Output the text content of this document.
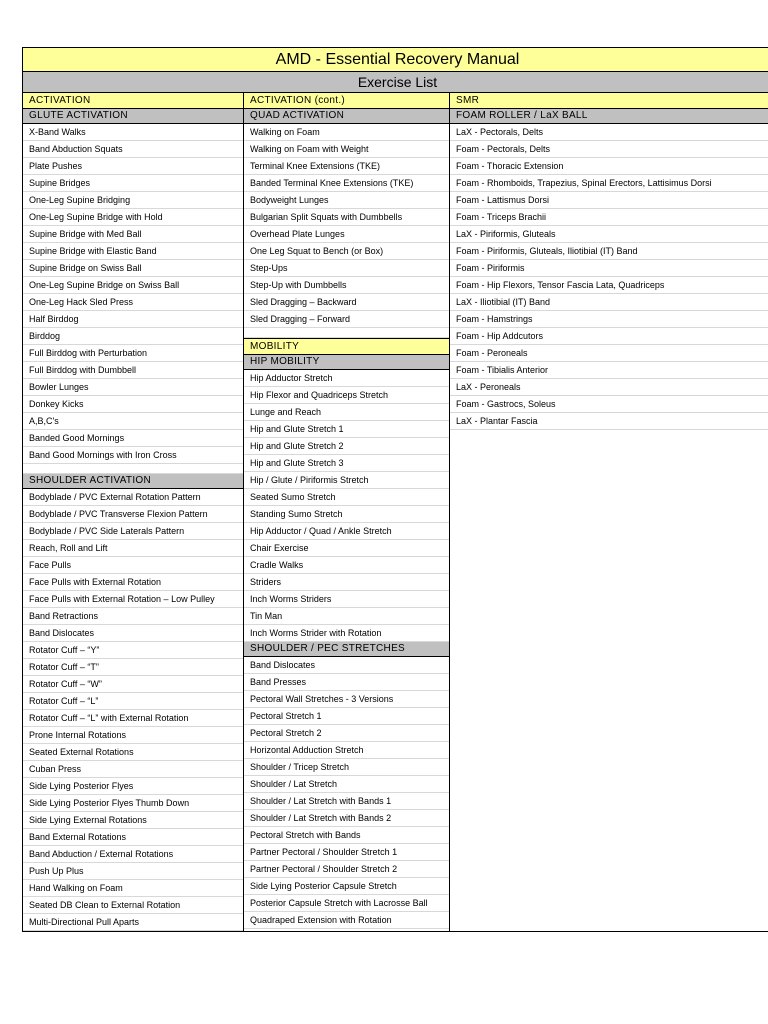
AMD - Essential Recovery Manual
Exercise List
ACTIVATION
GLUTE ACTIVATION
X-Band Walks
Band Abduction Squats
Plate Pushes
Supine Bridges
One-Leg Supine Bridging
One-Leg Supine Bridge with Hold
Supine Bridge with Med Ball
Supine Bridge with Elastic Band
Supine Bridge on Swiss Ball
One-Leg Supine Bridge on Swiss Ball
One-Leg Hack Sled Press
Half Birddog
Birddog
Full Birddog with Perturbation
Full Birddog with Dumbbell
Bowler Lunges
Donkey Kicks
A,B,C's
Banded Good Mornings
Band Good Mornings with Iron Cross
SHOULDER ACTIVATION
Bodyblade / PVC External Rotation Pattern
Bodyblade / PVC Transverse Flexion Pattern
Bodyblade / PVC Side Laterals Pattern
Reach, Roll and Lift
Face Pulls
Face Pulls with External Rotation
Face Pulls with External Rotation – Low Pulley
Band Retractions
Band Dislocates
Rotator Cuff – “Y”
Rotator Cuff – “T”
Rotator Cuff – “W”
Rotator Cuff – “L”
Rotator Cuff – “L” with External Rotation
Prone Internal Rotations
Seated External Rotations
Cuban Press
Side Lying Posterior Flyes
Side Lying Posterior Flyes Thumb Down
Side Lying External Rotations
Band External Rotations
Band Abduction / External Rotations
Push Up Plus
Hand Walking on Foam
Seated DB Clean to External Rotation
Multi-Directional Pull Aparts
ACTIVATION (cont.)
QUAD ACTIVATION
Walking on Foam
Walking on Foam with Weight
Terminal Knee Extensions (TKE)
Banded Terminal Knee Extensions (TKE)
Bodyweight Lunges
Bulgarian Split Squats with Dumbbells
Overhead Plate Lunges
One Leg Squat to Bench (or Box)
Step-Ups
Step-Up with Dumbbells
Sled Dragging – Backward
Sled Dragging – Forward
MOBILITY
HIP MOBILITY
Hip Adductor Stretch
Hip Flexor and Quadriceps Stretch
Lunge and Reach
Hip and Glute Stretch 1
Hip and Glute Stretch 2
Hip and Glute Stretch 3
Hip / Glute / Piriformis Stretch
Seated Sumo Stretch
Standing Sumo Stretch
Hip Adductor / Quad / Ankle Stretch
Chair Exercise
Cradle Walks
Striders
Inch Worms Striders
Tin Man
Inch Worms Strider with Rotation
SHOULDER / PEC STRETCHES
Band Dislocates
Band Presses
Pectoral Wall Stretches - 3 Versions
Pectoral Stretch 1
Pectoral Stretch 2
Horizontal Adduction Stretch
Shoulder / Tricep Stretch
Shoulder / Lat Stretch
Shoulder / Lat Stretch with Bands 1
Shoulder / Lat Stretch with Bands 2
Pectoral Stretch with Bands
Partner Pectoral / Shoulder Stretch 1
Partner Pectoral / Shoulder Stretch 2
Side Lying Posterior Capsule Stretch
Posterior Capsule Stretch with Lacrosse Ball
Quadraped Extension with Rotation
SMR
FOAM ROLLER / LaX BALL
LaX - Pectorals, Delts
Foam - Pectorals, Delts
Foam - Thoracic Extension
Foam - Rhomboids, Trapezius, Spinal Erectors, Lattisimus Dorsi
Foam - Lattismus Dorsi
Foam - Triceps Brachii
LaX - Piriformis, Gluteals
Foam - Piriformis, Gluteals, Iliotibial (IT) Band
Foam - Piriformis
Foam - Hip Flexors, Tensor Fascia Lata, Quadriceps
LaX - Iliotibial (IT) Band
Foam - Hamstrings
Foam - Hip Addcutors
Foam - Peroneals
Foam - Tibialis Anterior
LaX - Peroneals
Foam - Gastrocs, Soleus
LaX - Plantar Fascia
